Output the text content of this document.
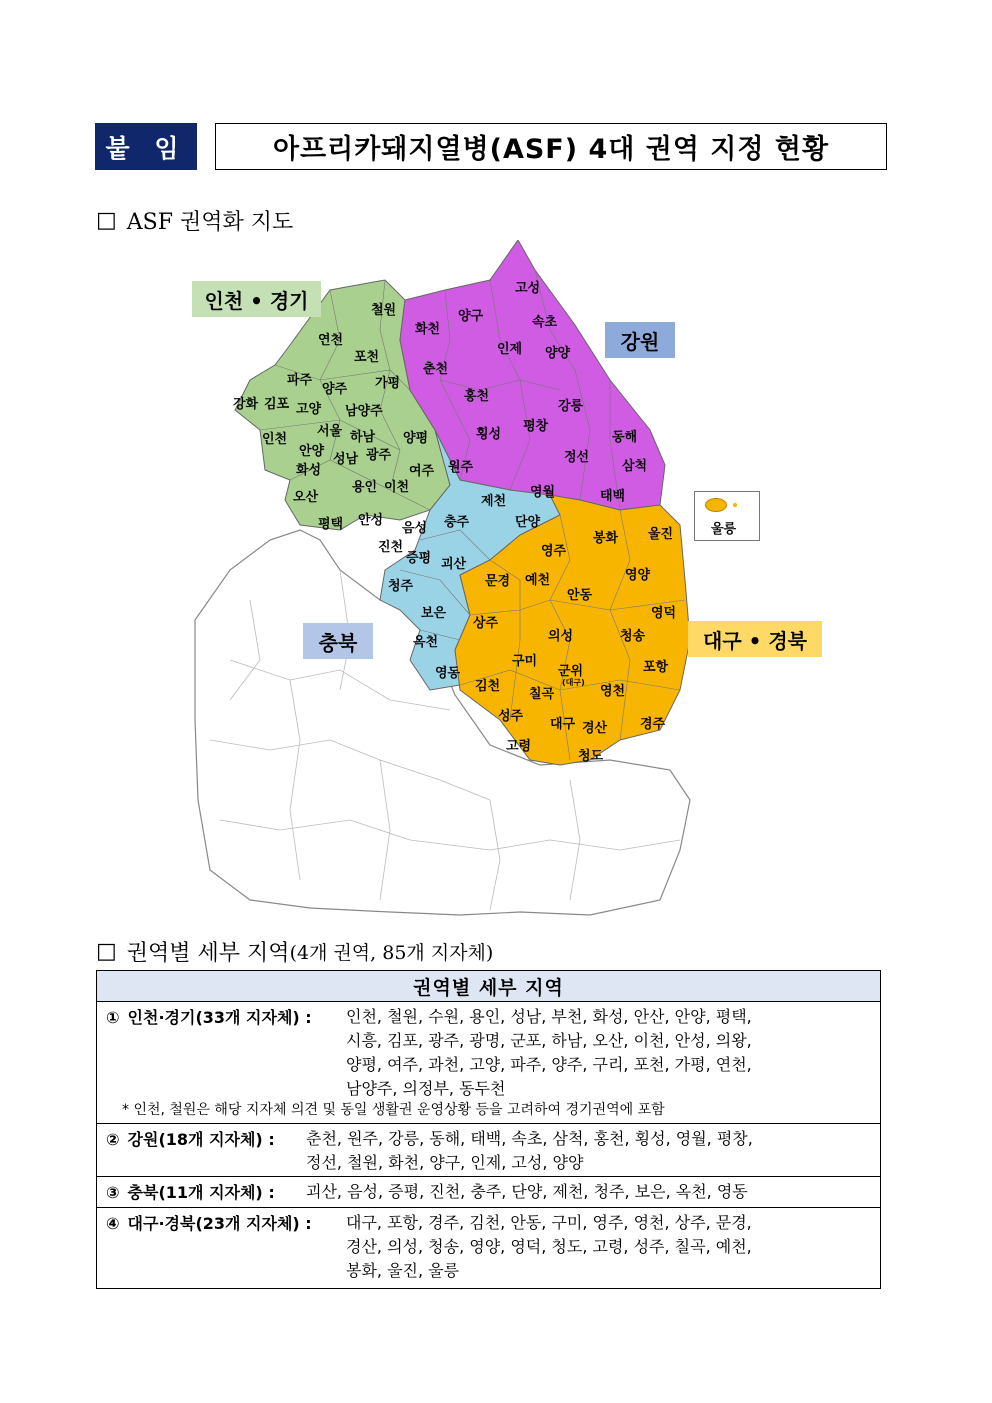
붙 임	아프리카돼지열병(ASF) 4대 권역 지정 현황
□ ASF 권역화 지도
인천 • 경기
강원
충북	대구 • 경북
철원
연천
포천
파주
양주 가평
강화 김포 고양 남양주
서울 하남 양평
인천
안양
성남 광주
화성	여주
오산
용인 이천
평택 안성
고성
화천
양구	속초
인제 양양
춘천
홍천
강릉
횡성
평창
동해
원주
정선
삼척
영월	태백
제천
충주	단양
음성
진천
증평 괴산
청주
보은
옥천
영동
봉화 울진
영주
예천
문경	영양
안동
영덕
상주
의성	청송
구미
군위
(대구)
포항
김천
칠곡	영천
성주
대구 경산	경주
고령
청도
울릉
□ 권역별 세부 지역 (4개 권역, 85개 지자체)
권역별 세부 지역

① 인천·경기(33개 지자체) :	인천, 철원, 수원, 용인, 성남, 부천, 화성, 안산, 안양, 평택,
시흥, 김포, 광주, 광명, 군포, 하남, 오산, 이천, 안성, 의왕,
양평, 여주, 과천, 고양, 파주, 양주, 구리, 포천, 가평, 연천,
남양주, 의정부, 동두천
* 인천, 철원은 해당 지자체 의견 및 동일 생활권 운영상황 등을 고려하여 경기권역에 포함

② 강원(18개 지자체) :	춘천, 원주, 강릉, 동해, 태백, 속초, 삼척, 홍천, 횡성, 영월, 평창,
정선, 철원, 화천, 양구, 인제, 고성, 양양

③ 충북(11개 지자체) :	괴산, 음성, 증평, 진천, 충주, 단양, 제천, 청주, 보은, 옥천, 영동

④ 대구·경북(23개 지자체) :	대구, 포항, 경주, 김천, 안동, 구미, 영주, 영천, 상주, 문경,
경산, 의성, 청송, 영양, 영덕, 청도, 고령, 성주, 칠곡, 예천,
봉화, 울진, 울릉
